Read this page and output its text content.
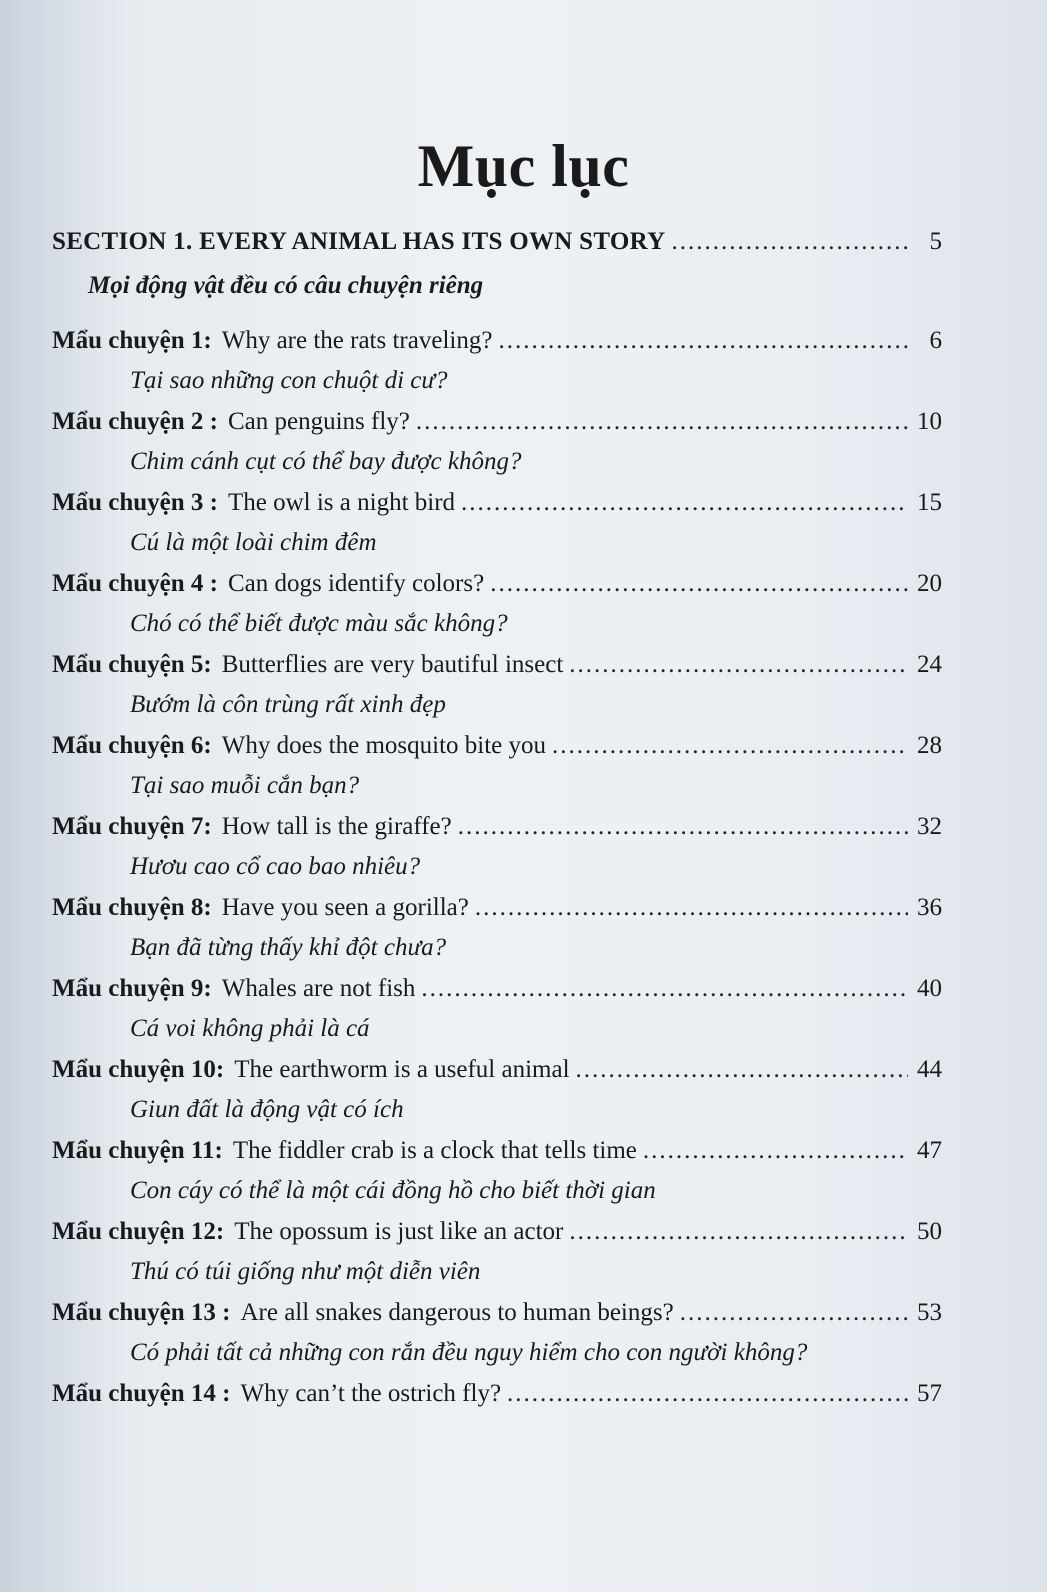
Mục lục
SECTION 1. EVERY ANIMAL HAS ITS OWN STORY .....	5
Mọi động vật đều có câu chuyện riêng
Mẩu chuyện 1: Why are the rats traveling? .....	6
Tại sao những con chuột di cư?
Mẩu chuyện 2 : Can penguins fly? .....	10
Chim cánh cụt có thể bay được không?
Mẩu chuyện 3 : The owl is a night bird .....	15
Cú là một loài chim đêm
Mẩu chuyện 4 : Can dogs identify colors? .....	20
Chó có thể biết được màu sắc không?
Mẩu chuyện 5: Butterflies are very bautiful insect .....	24
Bướm là côn trùng rất xinh đẹp
Mẩu chuyện 6: Why does the mosquito bite you .....	28
Tại sao muỗi cắn bạn?
Mẩu chuyện 7: How tall is the giraffe? .....	32
Hươu cao cổ cao bao nhiêu?
Mẩu chuyện 8: Have you seen a gorilla? .....	36
Bạn đã từng thấy khỉ đột chưa?
Mẩu chuyện 9: Whales are not fish .....	40
Cá voi không phải là cá
Mẩu chuyện 10: The earthworm is a useful animal .....	44
Giun đất là động vật có ích
Mẩu chuyện 11: The fiddler crab is a clock that tells time .....	47
Con cáy có thể là một cái đồng hồ cho biết thời gian
Mẩu chuyện 12: The opossum is just like an actor .....	50
Thú có túi giống như một diễn viên
Mẩu chuyện 13 : Are all snakes dangerous to human beings? .....	53
Có phải tất cả những con rắn đều nguy hiểm cho con người không?
Mẩu chuyện 14 : Why can’t the ostrich fly? .....	57
